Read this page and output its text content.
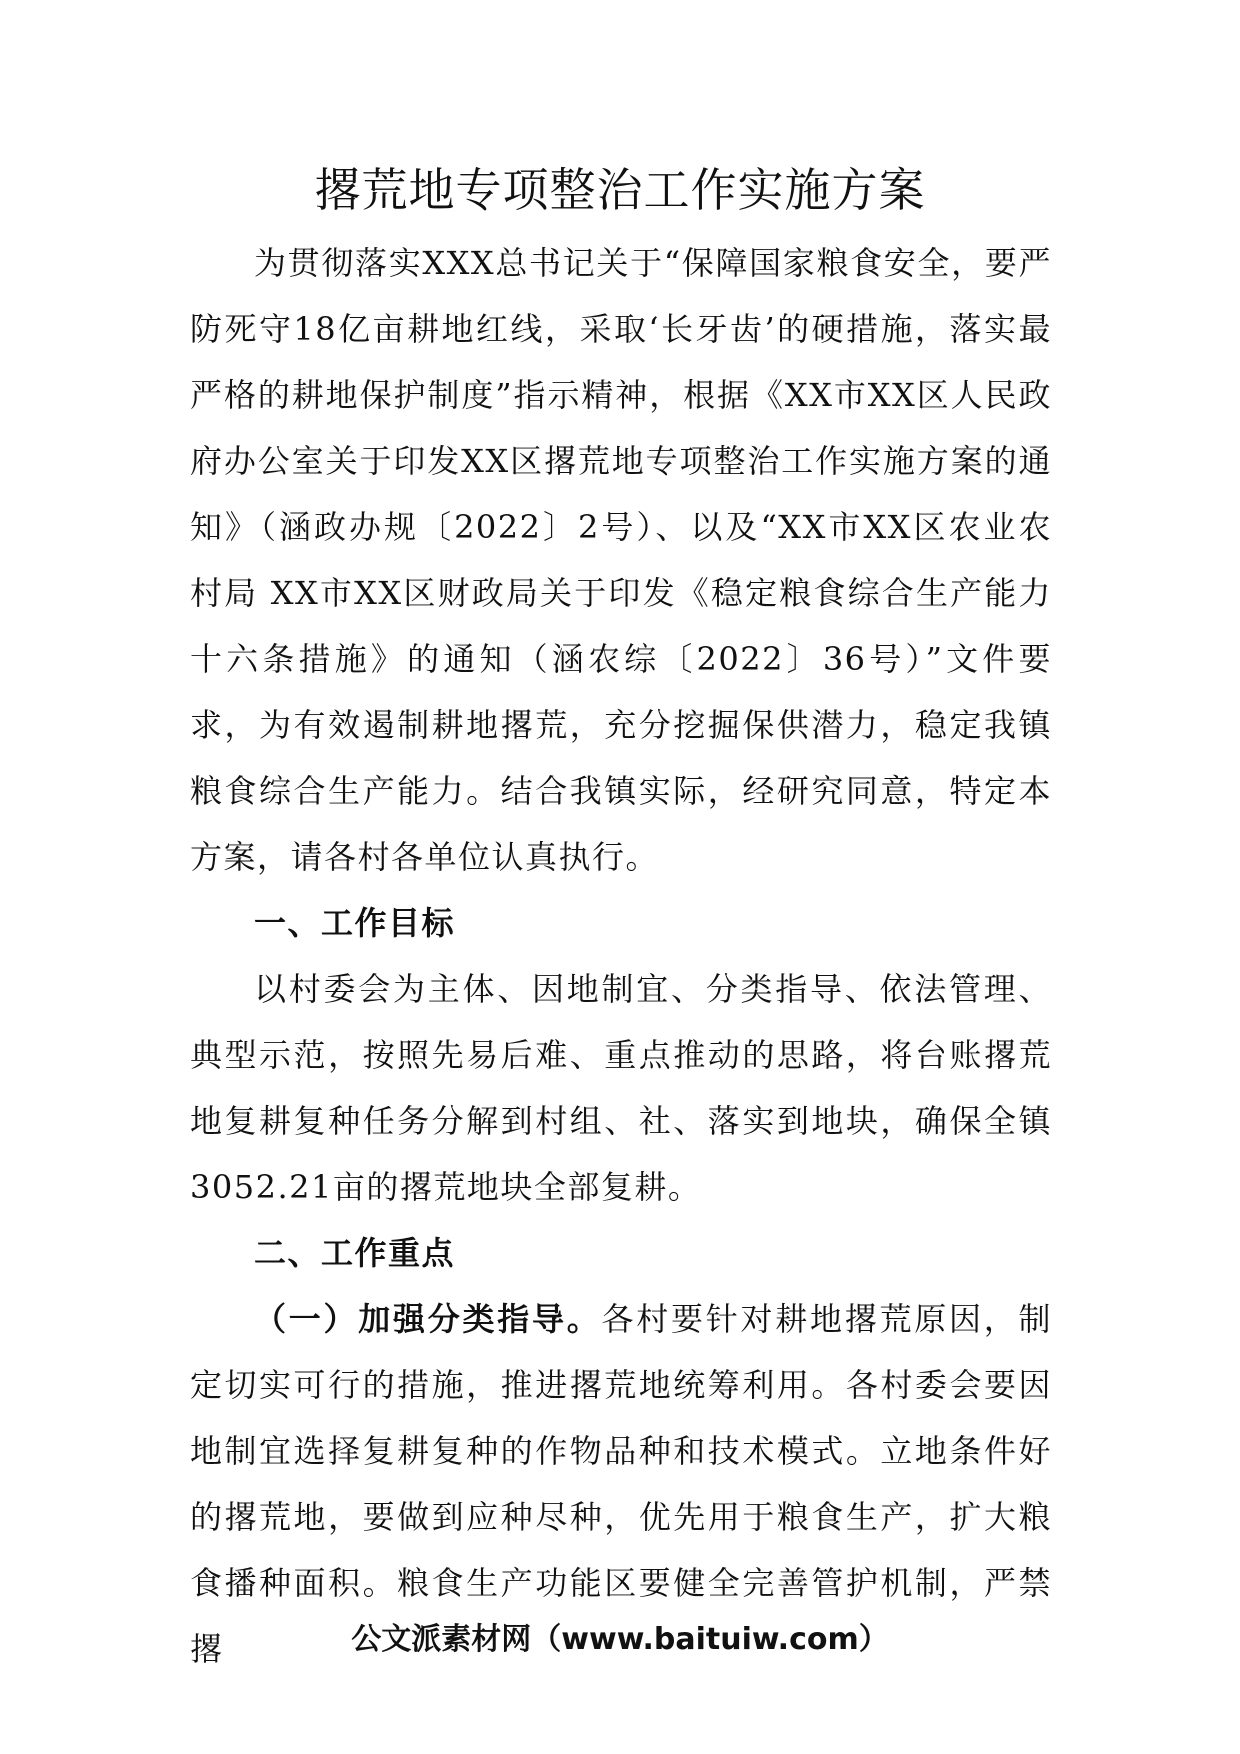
撂荒地专项整治工作实施方案

为贯彻落实XXX总书记关于“保障国家粮食安全，要严防死守18亿亩耕地红线，采取‘长牙齿’的硬措施，落实最严格的耕地保护制度”指示精神，根据《XX市XX区人民政府办公室关于印发XX区撂荒地专项整治工作实施方案的通知》（涵政办规〔2022〕2号）、以及“XX市XX区农业农村局 XX市XX区财政局关于印发《稳定粮食综合生产能力十六条措施》的通知（涵农综〔2022〕36号）”文件要求，为有效遏制耕地撂荒，充分挖掘保供潜力，稳定我镇粮食综合生产能力。结合我镇实际，经研究同意，特定本方案，请各村各单位认真执行。

一、工作目标

以村委会为主体、因地制宜、分类指导、依法管理、典型示范，按照先易后难、重点推动的思路，将台账撂荒地复耕复种任务分解到村组、社、落实到地块，确保全镇3052.21亩的撂荒地块全部复耕。

二、工作重点

（一）加强分类指导。各村要针对耕地撂荒原因，制定切实可行的措施，推进撂荒地统筹利用。各村委会要因地制宜选择复耕复种的作物品种和技术模式。立地条件好的撂荒地，要做到应种尽种，优先用于粮食生产，扩大粮食播种面积。粮食生产功能区要健全完善管护机制，严禁撂	公文派素材网（www.baituiw.com）
